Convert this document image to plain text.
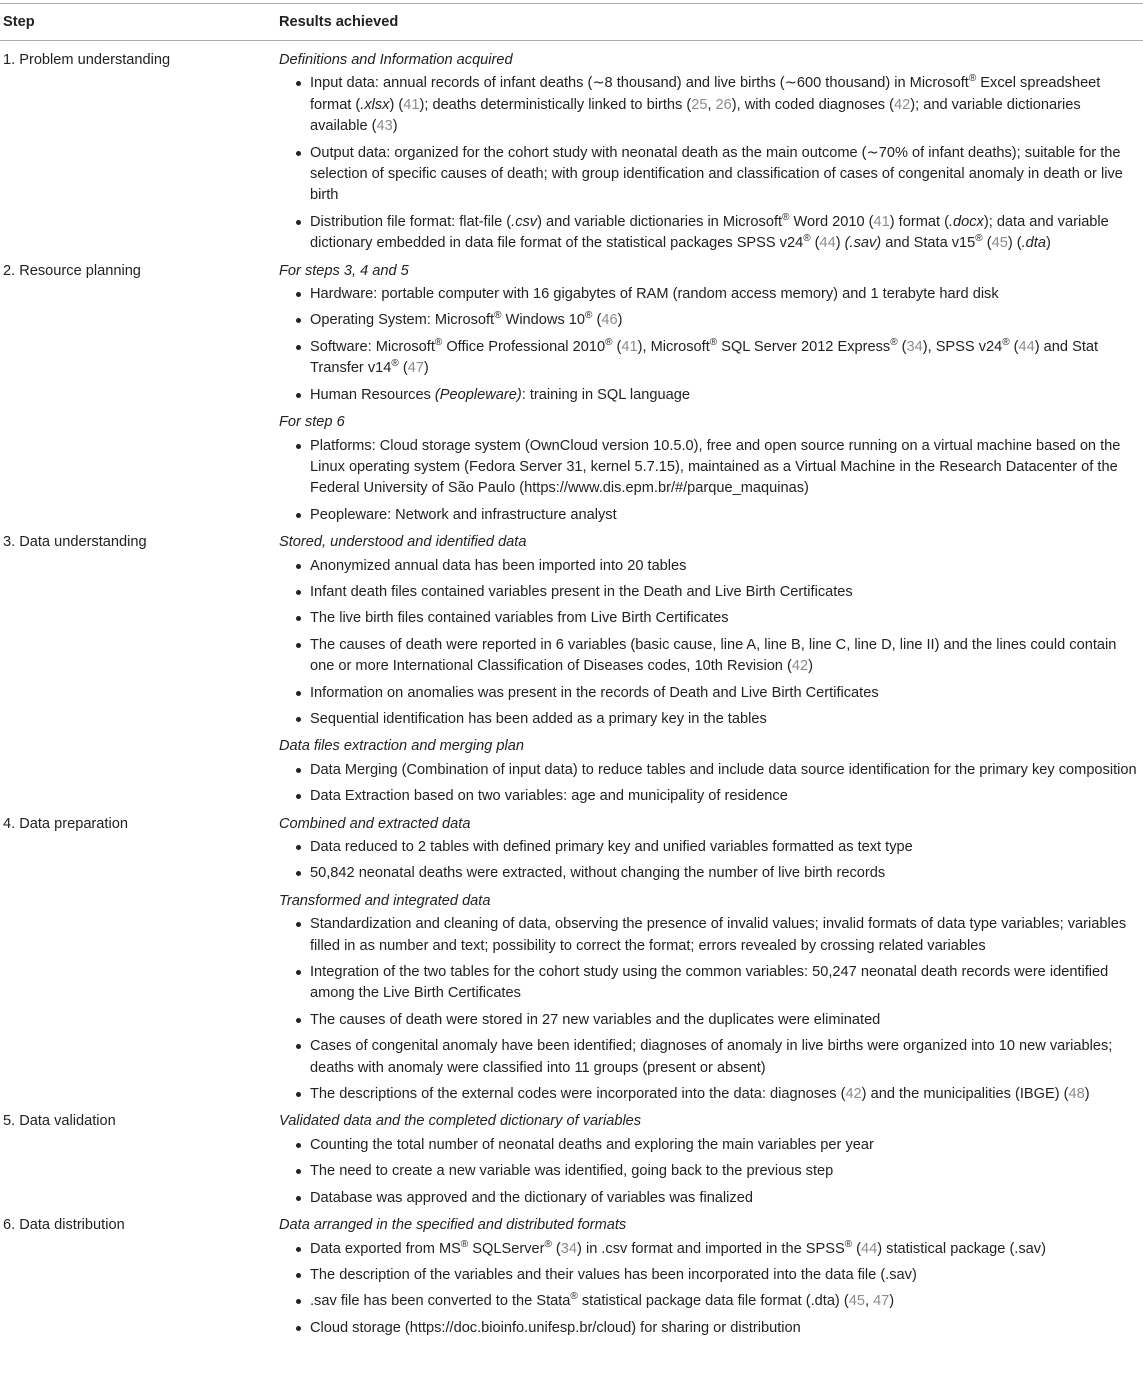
Step	Results achieved
1. Problem understanding	Definitions and Information acquired
Input data: annual records of infant deaths (∼8 thousand) and live births (∼600 thousand) in Microsoft® Excel spreadsheet format (.xlsx) (41); deaths deterministically linked to births (25, 26), with coded diagnoses (42); and variable dictionaries available (43)
Output data: organized for the cohort study with neonatal death as the main outcome (∼70% of infant deaths); suitable for the selection of specific causes of death; with group identification and classification of cases of congenital anomaly in death or live birth
Distribution file format: flat-file (.csv) and variable dictionaries in Microsoft® Word 2010 (41) format (.docx); data and variable dictionary embedded in data file format of the statistical packages SPSS v24® (44) (.sav) and Stata v15® (45) (.dta)
2. Resource planning	For steps 3, 4 and 5
Hardware: portable computer with 16 gigabytes of RAM (random access memory) and 1 terabyte hard disk
Operating System: Microsoft® Windows 10® (46)
Software: Microsoft® Office Professional 2010® (41), Microsoft® SQL Server 2012 Express® (34), SPSS v24® (44) and Stat Transfer v14® (47)
Human Resources (Peopleware): training in SQL language
For step 6
Platforms: Cloud storage system (OwnCloud version 10.5.0), free and open source running on a virtual machine based on the Linux operating system (Fedora Server 31, kernel 5.7.15), maintained as a Virtual Machine in the Research Datacenter of the Federal University of São Paulo (https://www.dis.epm.br/#/parque_maquinas)
Peopleware: Network and infrastructure analyst
3. Data understanding	Stored, understood and identified data
Anonymized annual data has been imported into 20 tables
Infant death files contained variables present in the Death and Live Birth Certificates
The live birth files contained variables from Live Birth Certificates
The causes of death were reported in 6 variables (basic cause, line A, line B, line C, line D, line II) and the lines could contain one or more International Classification of Diseases codes, 10th Revision (42)
Information on anomalies was present in the records of Death and Live Birth Certificates
Sequential identification has been added as a primary key in the tables
Data files extraction and merging plan
Data Merging (Combination of input data) to reduce tables and include data source identification for the primary key composition
Data Extraction based on two variables: age and municipality of residence
4. Data preparation	Combined and extracted data
Data reduced to 2 tables with defined primary key and unified variables formatted as text type
50,842 neonatal deaths were extracted, without changing the number of live birth records
Transformed and integrated data
Standardization and cleaning of data, observing the presence of invalid values; invalid formats of data type variables; variables filled in as number and text; possibility to correct the format; errors revealed by crossing related variables
Integration of the two tables for the cohort study using the common variables: 50,247 neonatal death records were identified among the Live Birth Certificates
The causes of death were stored in 27 new variables and the duplicates were eliminated
Cases of congenital anomaly have been identified; diagnoses of anomaly in live births were organized into 10 new variables; deaths with anomaly were classified into 11 groups (present or absent)
The descriptions of the external codes were incorporated into the data: diagnoses (42) and the municipalities (IBGE) (48)
5. Data validation	Validated data and the completed dictionary of variables
Counting the total number of neonatal deaths and exploring the main variables per year
The need to create a new variable was identified, going back to the previous step
Database was approved and the dictionary of variables was finalized
6. Data distribution	Data arranged in the specified and distributed formats
Data exported from MS® SQLServer® (34) in .csv format and imported in the SPSS® (44) statistical package (.sav)
The description of the variables and their values has been incorporated into the data file (.sav)
.sav file has been converted to the Stata® statistical package data file format (.dta) (45, 47)
Cloud storage (https://doc.bioinfo.unifesp.br/cloud) for sharing or distribution
